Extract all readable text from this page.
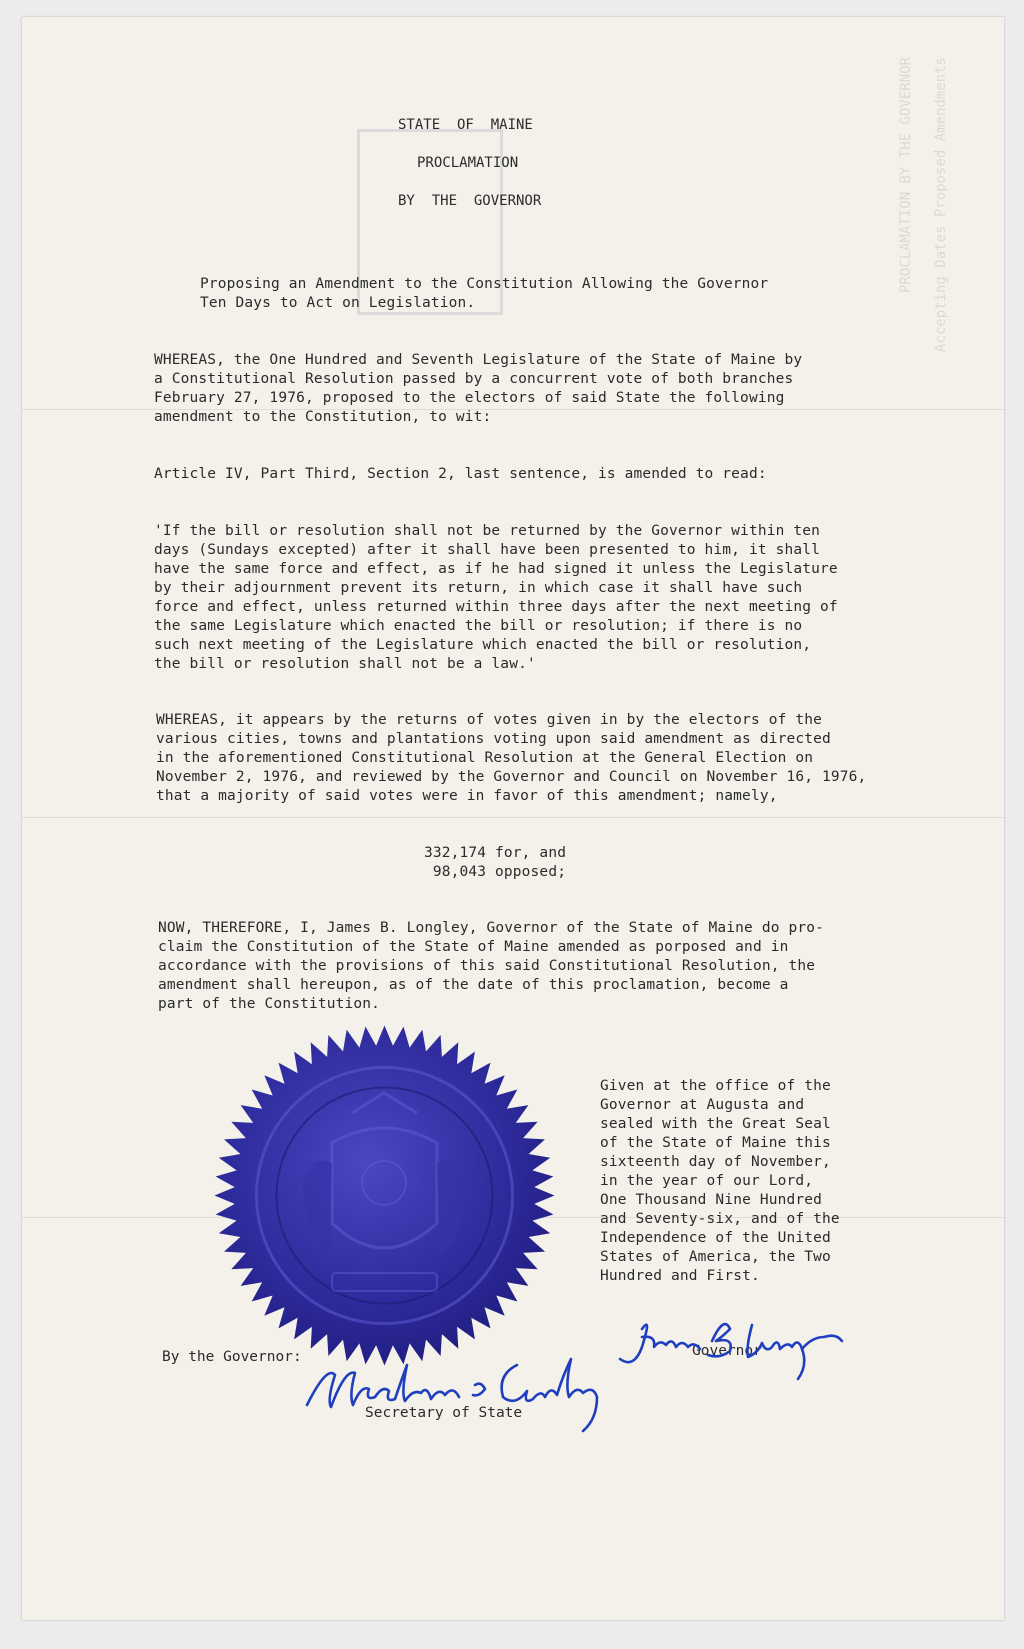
PROCLAMATION BY THE GOVERNOR
	Accepting Dates Proposed Amendments

STATE  OF  MAINE
PROCLAMATION
BY  THE  GOVERNOR
Proposing an Amendment to the Constitution Allowing the Governor
Ten Days to Act on Legislation.
WHEREAS, the One Hundred and Seventh Legislature of the State of Maine by
a Constitutional Resolution passed by a concurrent vote of both branches
February 27, 1976, proposed to the electors of said State the following
amendment to the Constitution, to wit:
Article IV, Part Third, Section 2, last sentence, is amended to read:
'If the bill or resolution shall not be returned by the Governor within ten
days (Sundays excepted) after it shall have been presented to him, it shall
have the same force and effect, as if he had signed it unless the Legislature
by their adjournment prevent its return, in which case it shall have such
force and effect, unless returned within three days after the next meeting of
the same Legislature which enacted the bill or resolution; if there is no
such next meeting of the Legislature which enacted the bill or resolution,
the bill or resolution shall not be a law.'
WHEREAS, it appears by the returns of votes given in by the electors of the
various cities, towns and plantations voting upon said amendment as directed
in the aforementioned Constitutional Resolution at the General Election on
November 2, 1976, and reviewed by the Governor and Council on November 16, 1976,
that a majority of said votes were in favor of this amendment; namely,
332,174 for, and
98,043 opposed;
NOW, THEREFORE, I, James B. Longley, Governor of the State of Maine do pro-
claim the Constitution of the State of Maine amended as porposed and in
accordance with the provisions of this said Constitutional Resolution, the
amendment shall hereupon, as of the date of this proclamation, become a
part of the Constitution.
Given at the office of the
Governor at Augusta and
sealed with the Great Seal
of the State of Maine this
sixteenth day of November,
in the year of our Lord,
One Thousand Nine Hundred
and Seventy-six, and of the
Independence of the United
States of America, the Two
Hundred and First.
By the Governor:	Governor
Secretary of State
